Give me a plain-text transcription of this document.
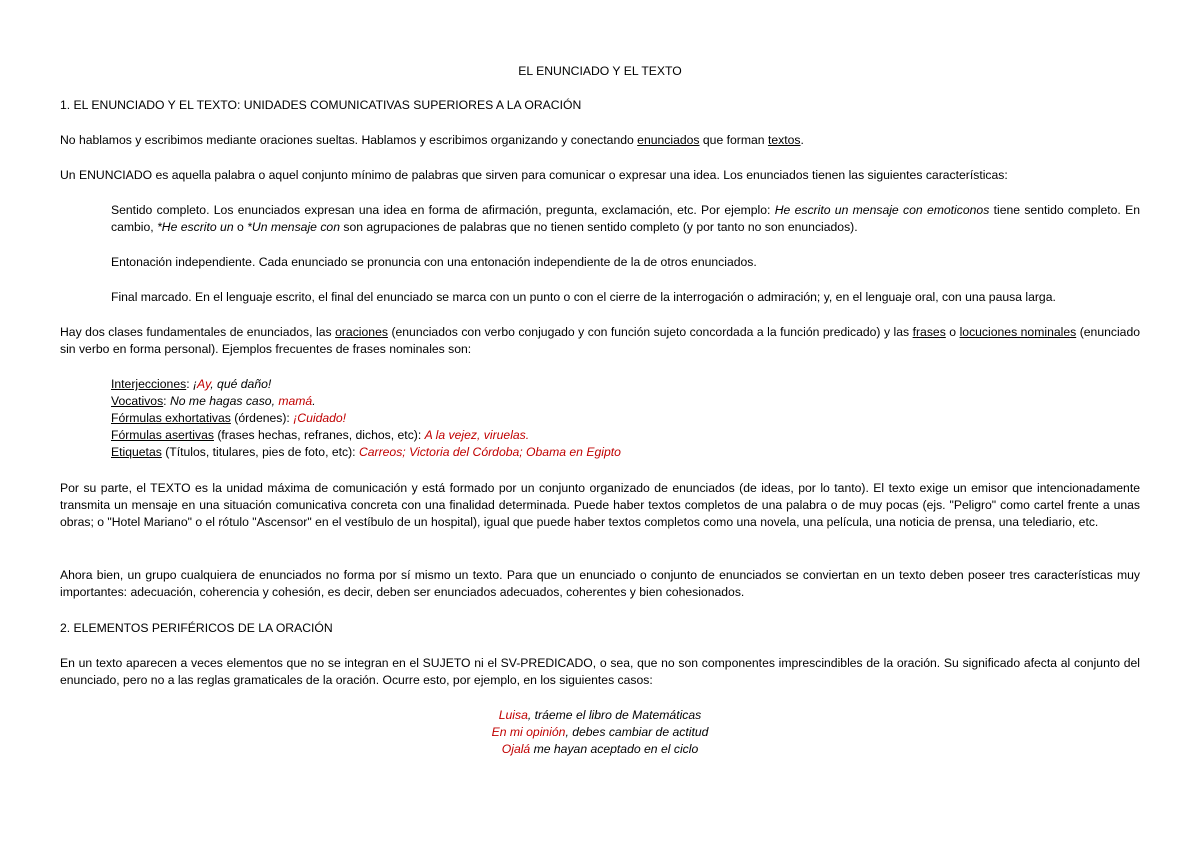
EL ENUNCIADO Y EL TEXTO

1. EL ENUNCIADO Y EL TEXTO: UNIDADES COMUNICATIVAS SUPERIORES A LA ORACIÓN

No hablamos y escribimos mediante oraciones sueltas. Hablamos y escribimos organizando y conectando enunciados que forman textos.

Un ENUNCIADO es aquella palabra o aquel conjunto mínimo de palabras que sirven para comunicar o expresar una idea. Los enunciados tienen las siguientes características:

Sentido completo. Los enunciados expresan una idea en forma de afirmación, pregunta, exclamación, etc. Por ejemplo: He escrito un mensaje con emoticonos tiene sentido completo. En cambio, *He escrito un o *Un mensaje con son agrupaciones de palabras que no tienen sentido completo (y por tanto no son enunciados).

Entonación independiente. Cada enunciado se pronuncia con una entonación independiente de la de otros enunciados.

Final marcado. En el lenguaje escrito, el final del enunciado se marca con un punto o con el cierre de la interrogación o admiración; y, en el lenguaje oral, con una pausa larga.

Hay dos clases fundamentales de enunciados, las oraciones (enunciados con verbo conjugado y con función sujeto concordada a la función predicado) y las frases o locuciones nominales (enunciado sin verbo en forma personal). Ejemplos frecuentes de frases nominales son:

Interjecciones: ¡Ay, qué daño!
Vocativos: No me hagas caso, mamá.
Fórmulas exhortativas (órdenes): ¡Cuidado!
Fórmulas asertivas (frases hechas, refranes, dichos, etc): A la vejez, viruelas.
Etiquetas (Títulos, titulares, pies de foto, etc): Carreos; Victoria del Córdoba; Obama en Egipto

Por su parte, el TEXTO es la unidad máxima de comunicación y está formado por un conjunto organizado de enunciados (de ideas, por lo tanto). El texto exige un emisor que intencionadamente transmita un mensaje en una situación comunicativa concreta con una finalidad determinada. Puede haber textos completos de una palabra o de muy pocas (ejs. "Peligro" como cartel frente a unas obras; o "Hotel Mariano" o el rótulo "Ascensor" en el vestíbulo de un hospital), igual que puede haber textos completos como una novela, una película, una noticia de prensa, una telediario, etc.

Ahora bien, un grupo cualquiera de enunciados no forma por sí mismo un texto. Para que un enunciado o conjunto de enunciados se conviertan en un texto deben poseer tres características muy importantes: adecuación, coherencia y cohesión, es decir, deben ser enunciados adecuados, coherentes y bien cohesionados.

2. ELEMENTOS PERIFÉRICOS DE LA ORACIÓN

En un texto aparecen a veces elementos que no se integran en el SUJETO ni el SV-PREDICADO, o sea, que no son componentes imprescindibles de la oración. Su significado afecta al conjunto del enunciado, pero no a las reglas gramaticales de la oración. Ocurre esto, por ejemplo, en los siguientes casos:

Luisa, tráeme el libro de Matemáticas
En mi opinión, debes cambiar de actitud
Ojalá me hayan aceptado en el ciclo
